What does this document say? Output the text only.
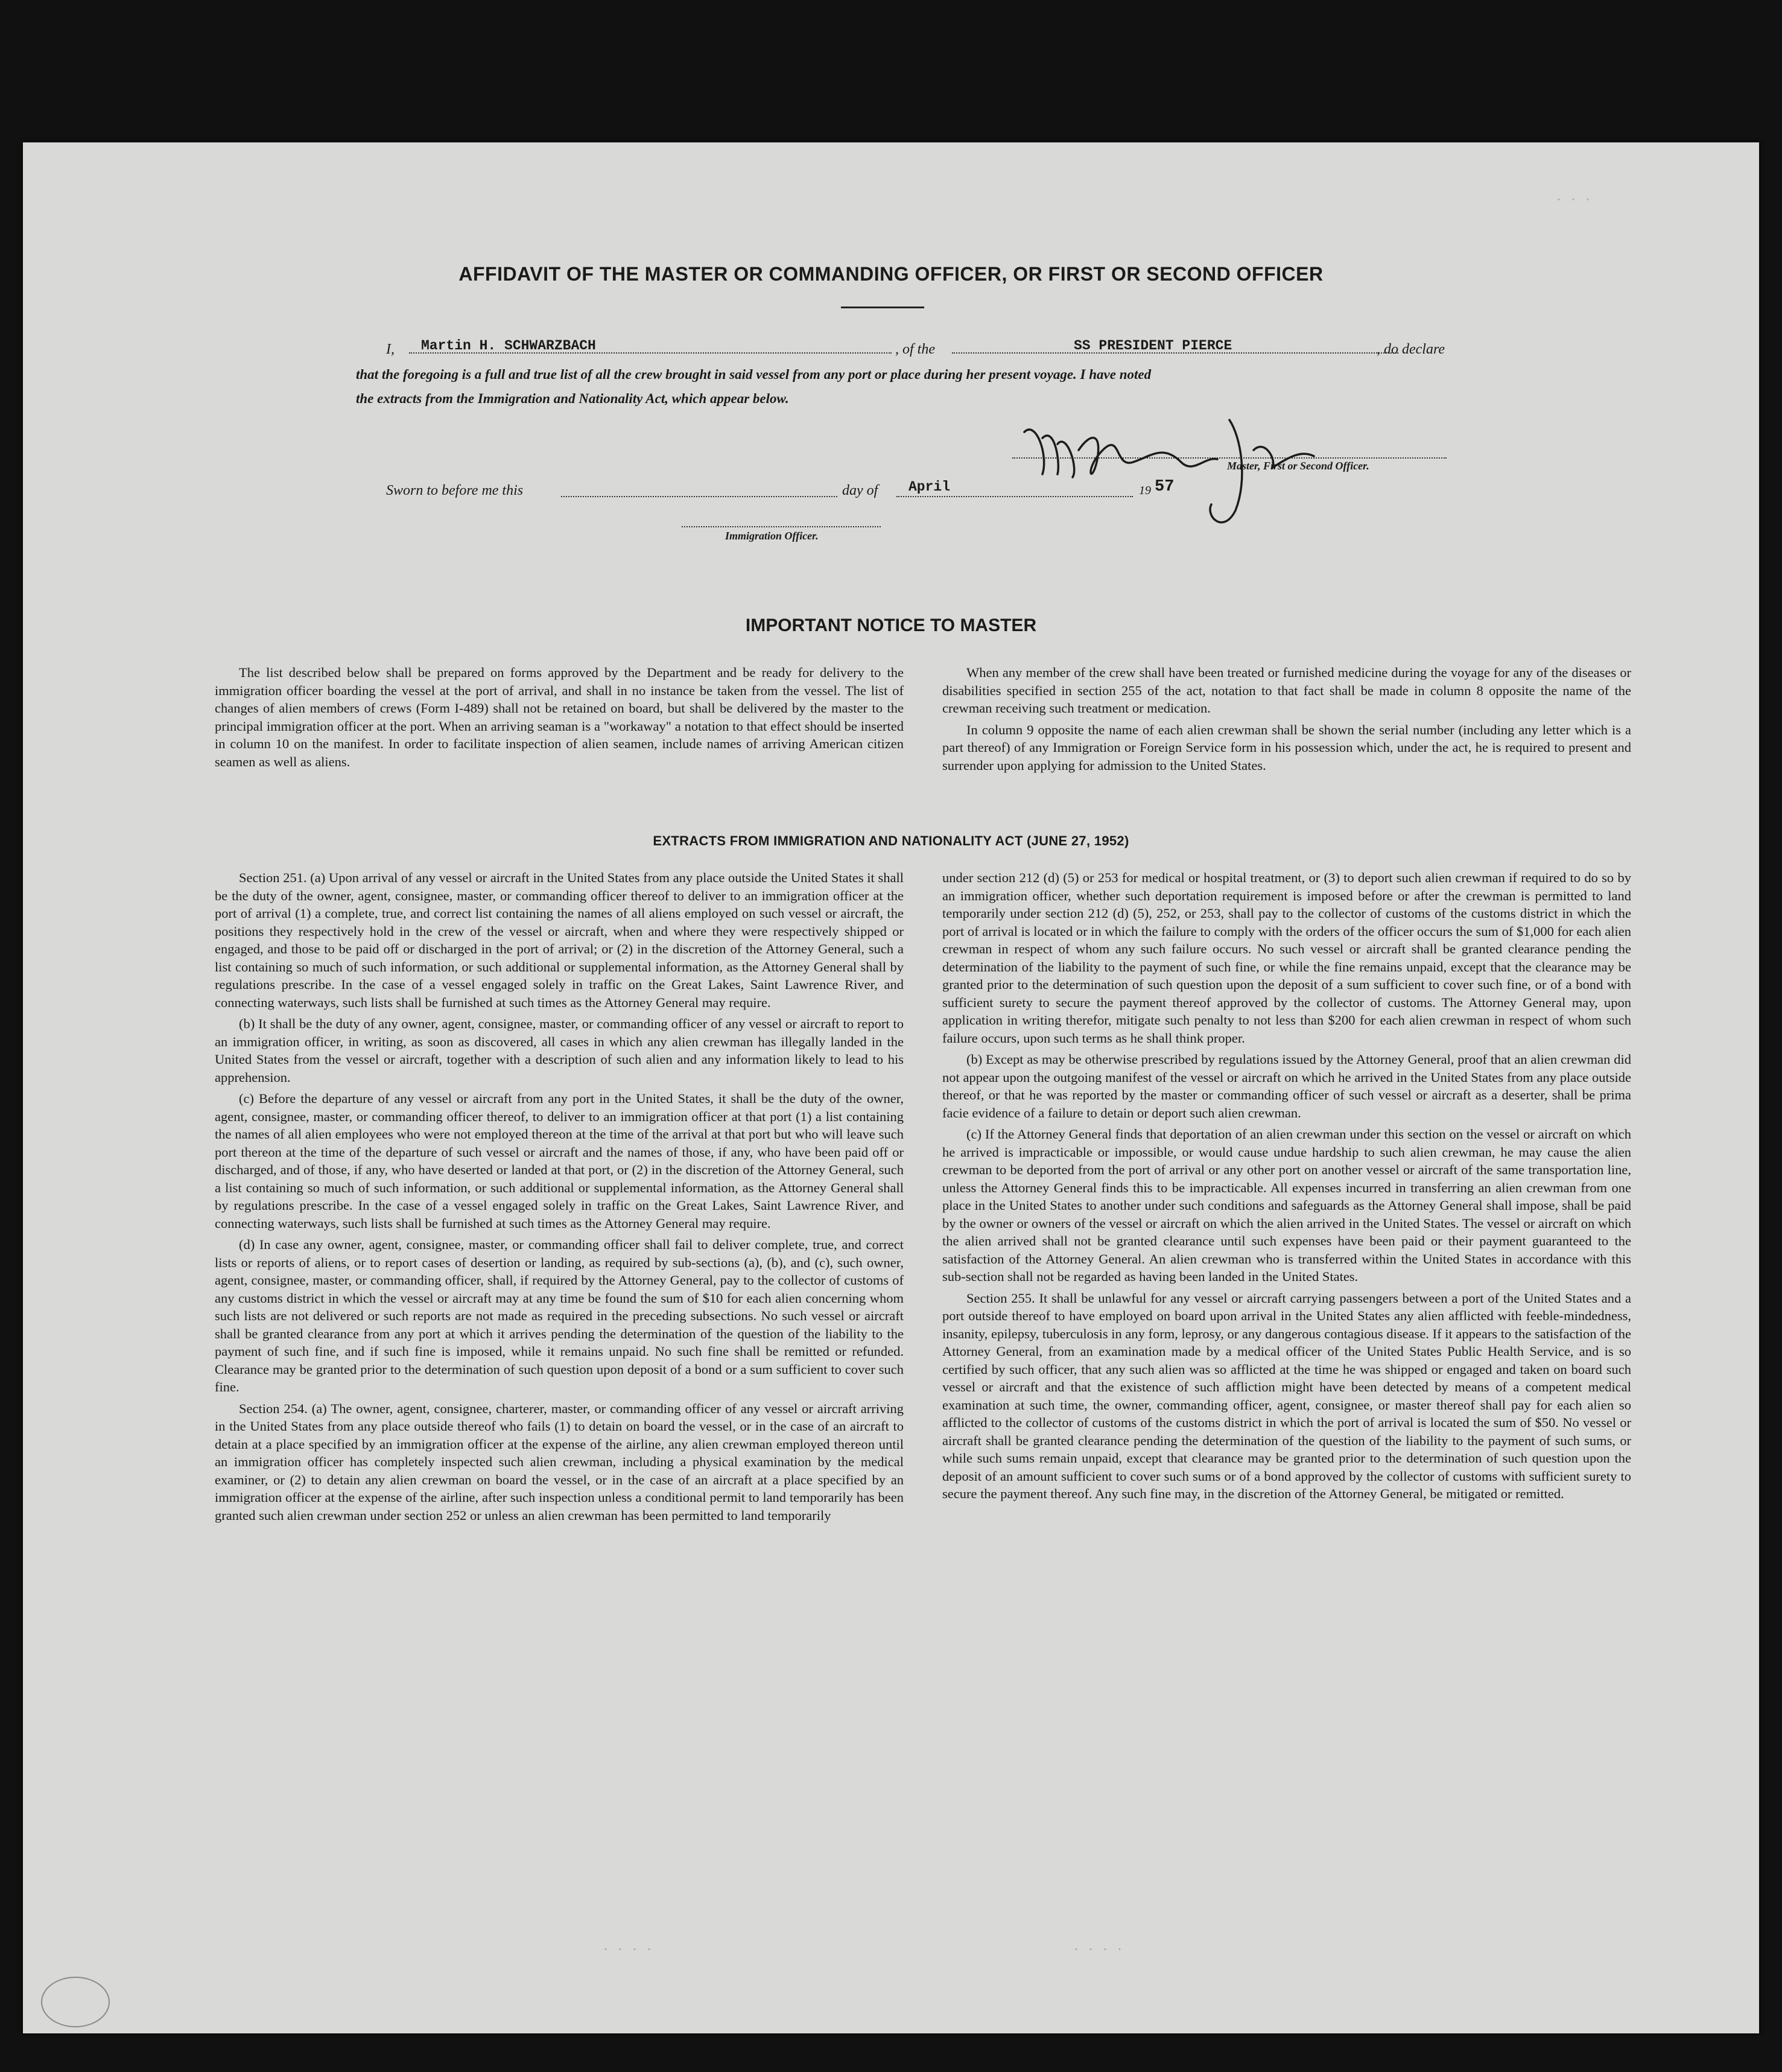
. . .
AFFIDAVIT OF THE MASTER OR COMMANDING OFFICER, OR FIRST OR SECOND OFFICER
I, Martin H. SCHWARZBACH	, of the	SS PRESIDENT PIERCE	, do declare
that the foregoing is a full and true list of all the crew brought in said vessel from any port or place during her present voyage. I have noted
the extracts from the Immigration and Nationality Act, which appear below.
Master, First or Second Officer.
Sworn to before me this	day of April	19 57
Immigration Officer.
IMPORTANT NOTICE TO MASTER

The list described below shall be prepared on forms approved by the Department and be ready for delivery to the immigration officer boarding the vessel at the port of arrival, and shall in no instance be taken from the vessel. The list of changes of alien members of crews (Form I-489) shall not be retained on board, but shall be delivered by the master to the principal immigration officer at the port. When an arriving seaman is a "workaway" a notation to that effect should be inserted in column 10 on the manifest. In order to facilitate inspection of alien seamen, include names of arriving American citizen seamen as well as aliens.

When any member of the crew shall have been treated or furnished medicine during the voyage for any of the diseases or disabilities specified in section 255 of the act, notation to that fact shall be made in column 8 opposite the name of the crewman receiving such treatment or medication.

In column 9 opposite the name of each alien crewman shall be shown the serial number (including any letter which is a part thereof) of any Immigration or Foreign Service form in his possession which, under the act, he is required to present and surrender upon applying for admission to the United States.

EXTRACTS FROM IMMIGRATION AND NATIONALITY ACT (JUNE 27, 1952)

Section 251. (a) Upon arrival of any vessel or aircraft in the United States from any place outside the United States it shall be the duty of the owner, agent, consignee, master, or commanding officer thereof to deliver to an immigration officer at the port of arrival (1) a complete, true, and correct list containing the names of all aliens employed on such vessel or aircraft, the positions they respectively hold in the crew of the vessel or aircraft, when and where they were respectively shipped or engaged, and those to be paid off or discharged in the port of arrival; or (2) in the discretion of the Attorney General, such a list containing so much of such information, or such additional or supplemental information, as the Attorney General shall by regulations prescribe. In the case of a vessel engaged solely in traffic on the Great Lakes, Saint Lawrence River, and connecting waterways, such lists shall be furnished at such times as the Attorney General may require.

(b) It shall be the duty of any owner, agent, consignee, master, or commanding officer of any vessel or aircraft to report to an immigration officer, in writing, as soon as discovered, all cases in which any alien crewman has illegally landed in the United States from the vessel or aircraft, together with a description of such alien and any information likely to lead to his apprehension.

(c) Before the departure of any vessel or aircraft from any port in the United States, it shall be the duty of the owner, agent, consignee, master, or commanding officer thereof, to deliver to an immigration officer at that port (1) a list containing the names of all alien employees who were not employed thereon at the time of the arrival at that port but who will leave such port thereon at the time of the departure of such vessel or aircraft and the names of those, if any, who have been paid off or discharged, and of those, if any, who have deserted or landed at that port, or (2) in the discretion of the Attorney General, such a list containing so much of such information, or such additional or supplemental information, as the Attorney General shall by regulations prescribe. In the case of a vessel engaged solely in traffic on the Great Lakes, Saint Lawrence River, and connecting waterways, such lists shall be furnished at such times as the Attorney General may require.

(d) In case any owner, agent, consignee, master, or commanding officer shall fail to deliver complete, true, and correct lists or reports of aliens, or to report cases of desertion or landing, as required by sub-sections (a), (b), and (c), such owner, agent, consignee, master, or commanding officer, shall, if required by the Attorney General, pay to the collector of customs of any customs district in which the vessel or aircraft may at any time be found the sum of $10 for each alien concerning whom such lists are not delivered or such reports are not made as required in the preceding subsections. No such vessel or aircraft shall be granted clearance from any port at which it arrives pending the determination of the question of the liability to the payment of such fine, and if such fine is imposed, while it remains unpaid. No such fine shall be remitted or refunded. Clearance may be granted prior to the determination of such question upon deposit of a bond or a sum sufficient to cover such fine.

Section 254. (a) The owner, agent, consignee, charterer, master, or commanding officer of any vessel or aircraft arriving in the United States from any place outside thereof who fails (1) to detain on board the vessel, or in the case of an aircraft to detain at a place specified by an immigration officer at the expense of the airline, any alien crewman employed thereon until an immigration officer has completely inspected such alien crewman, including a physical examination by the medical examiner, or (2) to detain any alien crewman on board the vessel, or in the case of an aircraft at a place specified by an immigration officer at the expense of the airline, after such inspection unless a conditional permit to land temporarily has been granted such alien crewman under section 252 or unless an alien crewman has been permitted to land temporarily

under section 212 (d) (5) or 253 for medical or hospital treatment, or (3) to deport such alien crewman if required to do so by an immigration officer, whether such deportation requirement is imposed before or after the crewman is permitted to land temporarily under section 212 (d) (5), 252, or 253, shall pay to the collector of customs of the customs district in which the port of arrival is located or in which the failure to comply with the orders of the officer occurs the sum of $1,000 for each alien crewman in respect of whom any such failure occurs. No such vessel or aircraft shall be granted clearance pending the determination of the liability to the payment of such fine, or while the fine remains unpaid, except that the clearance may be granted prior to the determination of such question upon the deposit of a sum sufficient to cover such fine, or of a bond with sufficient surety to secure the payment thereof approved by the collector of customs. The Attorney General may, upon application in writing therefor, mitigate such penalty to not less than $200 for each alien crewman in respect of whom such failure occurs, upon such terms as he shall think proper.

(b) Except as may be otherwise prescribed by regulations issued by the Attorney General, proof that an alien crewman did not appear upon the outgoing manifest of the vessel or aircraft on which he arrived in the United States from any place outside thereof, or that he was reported by the master or commanding officer of such vessel or aircraft as a deserter, shall be prima facie evidence of a failure to detain or deport such alien crewman.

(c) If the Attorney General finds that deportation of an alien crewman under this section on the vessel or aircraft on which he arrived is impracticable or impossible, or would cause undue hardship to such alien crewman, he may cause the alien crewman to be deported from the port of arrival or any other port on another vessel or aircraft of the same transportation line, unless the Attorney General finds this to be impracticable. All expenses incurred in transferring an alien crewman from one place in the United States to another under such conditions and safeguards as the Attorney General shall impose, shall be paid by the owner or owners of the vessel or aircraft on which the alien arrived in the United States. The vessel or aircraft on which the alien arrived shall not be granted clearance until such expenses have been paid or their payment guaranteed to the satisfaction of the Attorney General. An alien crewman who is transferred within the United States in accordance with this sub-section shall not be regarded as having been landed in the United States.

Section 255. It shall be unlawful for any vessel or aircraft carrying passengers between a port of the United States and a port outside thereof to have employed on board upon arrival in the United States any alien afflicted with feeble-mindedness, insanity, epilepsy, tuberculosis in any form, leprosy, or any dangerous contagious disease. If it appears to the satisfaction of the Attorney General, from an examination made by a medical officer of the United States Public Health Service, and is so certified by such officer, that any such alien was so afflicted at the time he was shipped or engaged and taken on board such vessel or aircraft and that the existence of such affliction might have been detected by means of a competent medical examination at such time, the owner, commanding officer, agent, consignee, or master thereof shall pay for each alien so afflicted to the collector of customs of the customs district in which the port of arrival is located the sum of $50. No vessel or aircraft shall be granted clearance pending the determination of the question of the liability to the payment of such sums, or while such sums remain unpaid, except that clearance may be granted prior to the determination of such question upon the deposit of an amount sufficient to cover such sums or of a bond approved by the collector of customs with sufficient surety to secure the payment thereof. Any such fine may, in the discretion of the Attorney General, be mitigated or remitted.

. . . .	. . . .
